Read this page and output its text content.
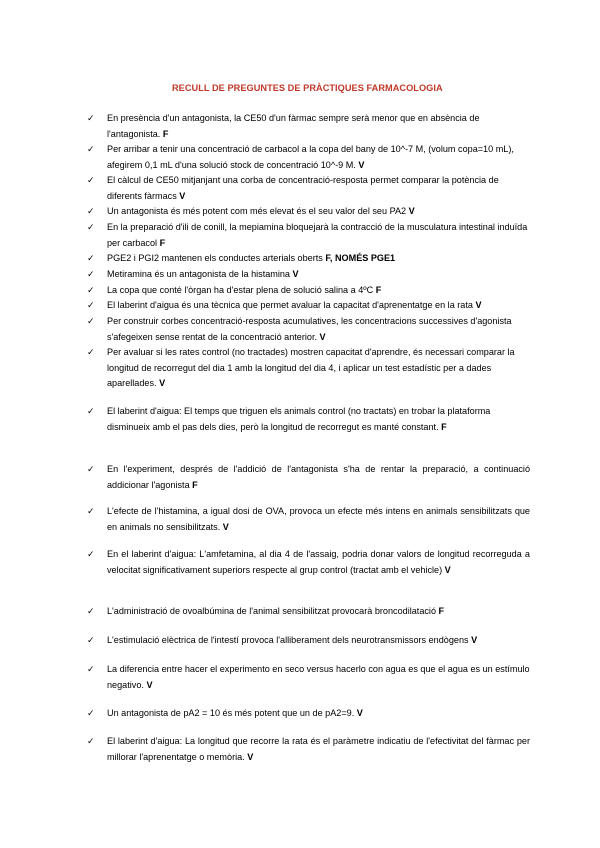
RECULL DE PREGUNTES DE PRÀCTIQUES FARMACOLOGIA
✓ En presència d'un antagonista, la CE50 d'un fàrmac sempre serà menor que en absència de l'antagonista. F
✓ Per arribar a tenir una concentració de carbacol a la copa del bany de 10^-7 M, (volum copa=10 mL), afegirem 0,1 mL d'una solució stock de concentració 10^-9 M. V
✓ El càlcul de CE50 mitjanjant una corba de concentració-resposta permet comparar la potència de diferents fàrmacs V
✓ Un antagonista és més potent com més elevat és el seu valor del seu PA2 V
✓ En la preparació d'ili de conill, la mepiamina bloquejarà la contracció de la musculatura intestinal induïda per carbacol F
✓ PGE2 i PGI2 mantenen els conductes arterials oberts F, NOMÉS PGE1
✓ Metiramina és un antagonista de la histamina V
✓ La copa que conté l'òrgan ha d'estar plena de solució salina a 4ºC F
✓ El laberint d'aigua és una tècnica que permet avaluar la capacitat d'aprenentatge en la rata V
✓ Per construir corbes concentració-resposta acumulatives, les concentracions successives d'agonista s'afegeixen sense rentat de la concentració anterior. V
✓ Per avaluar si les rates control (no tractades) mostren capacitat d'aprendre, és necessari comparar la longitud de recorregut del dia 1 amb la longitud del dia 4, i aplicar un test estadístic per a dades aparellades. V
✓ El laberint d'aigua: El temps que triguen els animals control (no tractats) en trobar la plataforma disminueix amb el pas dels dies, però la longitud de recorregut es manté constant. F
✓ En l'experiment, després de l'addició de l'antagonista s'ha de rentar la preparació, a continuació addicionar l'agonista F
✓ L'efecte de l'histamina, a igual dosi de OVA, provoca un efecte més intens en animals sensibilitzats que en animals no sensibilitzats. V
✓ En el laberint d'aigua: L'amfetamina, al dia 4 de l'assaig, podria donar valors de longitud recorreguda a velocitat significativament superiors respecte al grup control (tractat amb el vehicle) V
✓ L'administració de ovoalbúmina de l'animal sensibilitzat provocarà broncodilatació F
✓ L'estimulació elèctrica de l'intestí provoca l'alliberament dels neurotransmissors endògens V
✓ La diferencia entre hacer el experimento en seco versus hacerlo con agua es que el agua es un estímulo negativo. V
✓ Un antagonista de pA2 = 10 és més potent que un de pA2=9. V
✓ El laberint d'aigua: La longitud que recorre la rata és el paràmetre indicatiu de l'efectivitat del fàrmac per millorar l'aprenentatge o memòria. V
